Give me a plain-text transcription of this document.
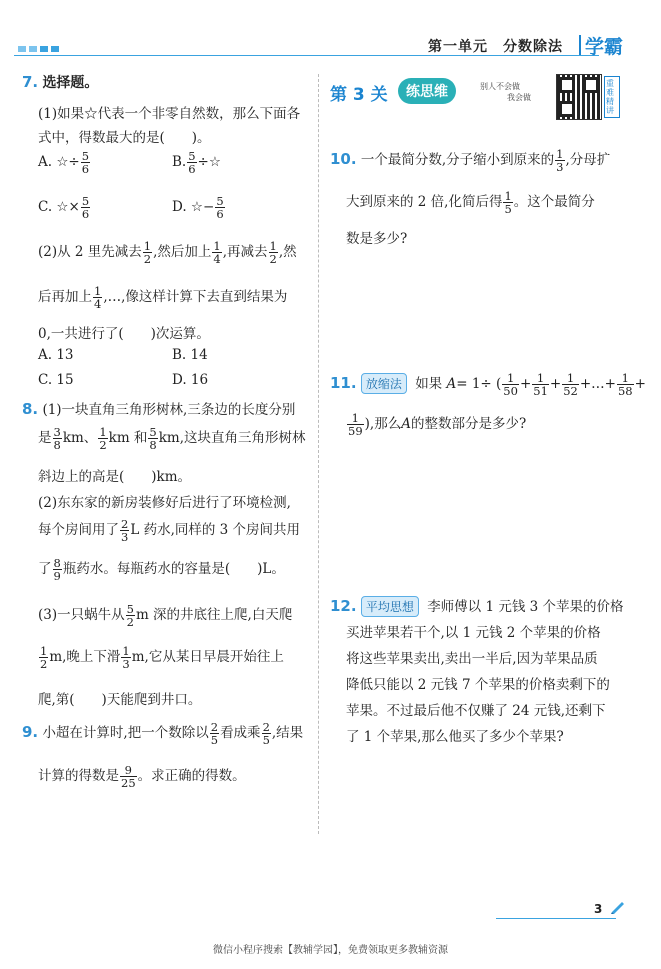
第一单元　分数除法 学霸
7. 选择题。
(1)如果☆代表一个非零自然数，那么下面各
式中，得数最大的是(　　)。
A. ☆÷ $\frac{5}{6}$	B. $\frac{5}{6}$ ÷☆
C. ☆× $\frac{5}{6}$	D. ☆− $\frac{5}{6}$
(2)从 2 里先减去 $\frac{1}{2}$ ,然后加上 $\frac{1}{4}$ ,再减去 $\frac{1}{2}$ ,然
后再加上 $\frac{1}{4}$ ,…,像这样计算下去直到结果为
0,一共进行了(　　)次运算。
A. 13	B. 14
C. 15	D. 16
8. (1)一块直角三角形树林,三条边的长度分别
是 $\frac{3}{8}$ km、 $\frac{1}{2}$ km 和 $\frac{5}{8}$ km,这块直角三角形树林
斜边上的高是(　　)km。
(2)东东家的新房装修好后进行了环境检测,
每个房间用了 $\frac{2}{3}$ L 药水,同样的 3 个房间共用
了 $\frac{8}{9}$ 瓶药水。每瓶药水的容量是(　　)L。
(3)一只蜗牛从 $\frac{5}{2}$ m 深的井底往上爬,白天爬
$\frac{1}{2} m$,晚上下滑 $\frac{1}{3} m$,它从某日早晨开始往上
爬,第(　　)天能爬到井口。
9. 小超在计算时,把一个数除以 $\frac{2}{5}$ 看成乘 $\frac{2}{5}$ ,结果
计算的得数是 $\frac{9}{25}$ 。求正确的得数。
第 3 关	练思维	别人不会做
我会做
重难精讲
10. 一个最简分数,分子缩小到原来的 $\frac{1}{3}$ ,分母扩
大到原来的 2 倍,化简后得 $\frac{1}{5}$ 。这个最简分
数是多少?
11. 放缩法 如果 A= 1÷ ( $\frac{1}{50} + \frac{1}{51} + \frac{1}{52}$ +…+ $\frac{1}{58}$ +
$\frac{1}{59}$ ),那么A的整数部分是多少?
12. 平均思想 李师傅以 1 元钱 3 个苹果的价格
买进苹果若干个,以 1 元钱 2 个苹果的价格
将这些苹果卖出,卖出一半后,因为苹果品质
降低只能以 2 元钱 7 个苹果的价格卖剩下的
苹果。不过最后他不仅赚了 24 元钱,还剩下
了 1 个苹果,那么他买了多少个苹果?
3
微信小程序搜索【教辅学园】，免费领取更多教辅资源
